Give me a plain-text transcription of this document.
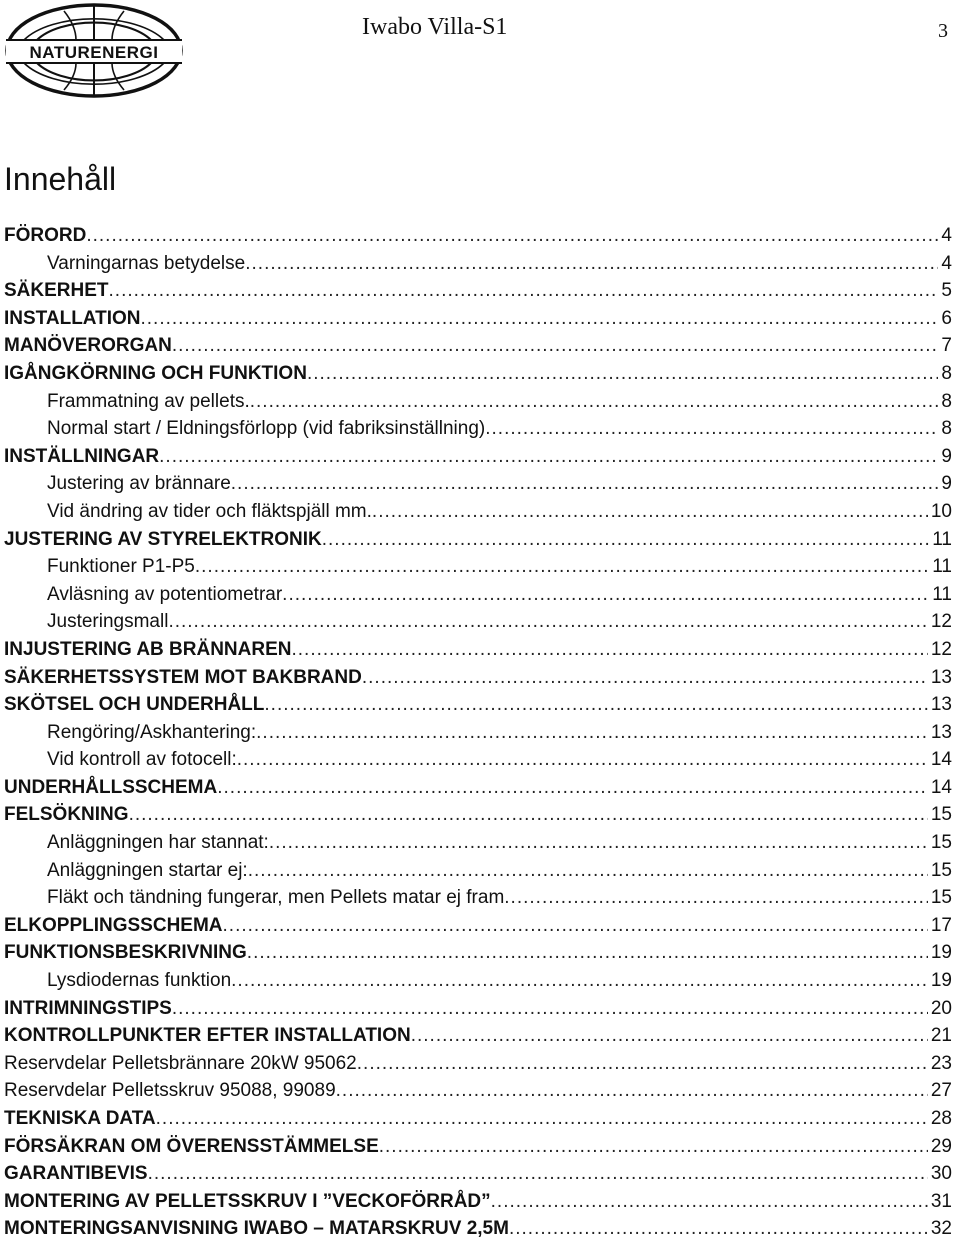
NATURENERGI
Iwabo Villa-S1	3
Innehåll
FÖRORD .....	4
Varningarnas betydelse .....	4
SÄKERHET .....	5
INSTALLATION .....	6
MANÖVERORGAN .....	7
IGÅNGKÖRNING OCH FUNKTION .....	8
Frammatning av pellets. .....	8
Normal start / Eldningsförlopp (vid fabriksinställning) .....	8
INSTÄLLNINGAR .....	9
Justering av brännare .....	9
Vid ändring av tider och fläktspjäll mm. .....	10
JUSTERING AV STYRELEKTRONIK .....	11
Funktioner P1-P5 .....	11
Avläsning av potentiometrar .....	11
Justeringsmall .....	12
INJUSTERING AB BRÄNNAREN .....	12
SÄKERHETSSYSTEM MOT BAKBRAND .....	13
SKÖTSEL OCH UNDERHÅLL .....	13
Rengöring/Askhantering: .....	13
Vid kontroll av fotocell: .....	14
UNDERHÅLLSSCHEMA .....	14
FELSÖKNING .....	15
Anläggningen har stannat: .....	15
Anläggningen startar ej: .....	15
Fläkt och tändning fungerar, men Pellets matar ej fram .....	15
ELKOPPLINGSSCHEMA .....	17
FUNKTIONSBESKRIVNING .....	19
Lysdiodernas funktion .....	19
INTRIMNINGSTIPS .....	20
KONTROLLPUNKTER EFTER INSTALLATION .....	21
Reservdelar Pelletsbrännare 20kW 95062 .....	23
Reservdelar Pelletsskruv 95088, 99089 .....	27
TEKNISKA DATA .....	28
FÖRSÄKRAN OM ÖVERENSSTÄMMELSE .....	29
GARANTIBEVIS .....	30
MONTERING AV PELLETSSKRUV I ”VECKOFÖRRÅD” .....	31
MONTERINGSANVISNING IWABO – MATARSKRUV 2,5M .....	32
